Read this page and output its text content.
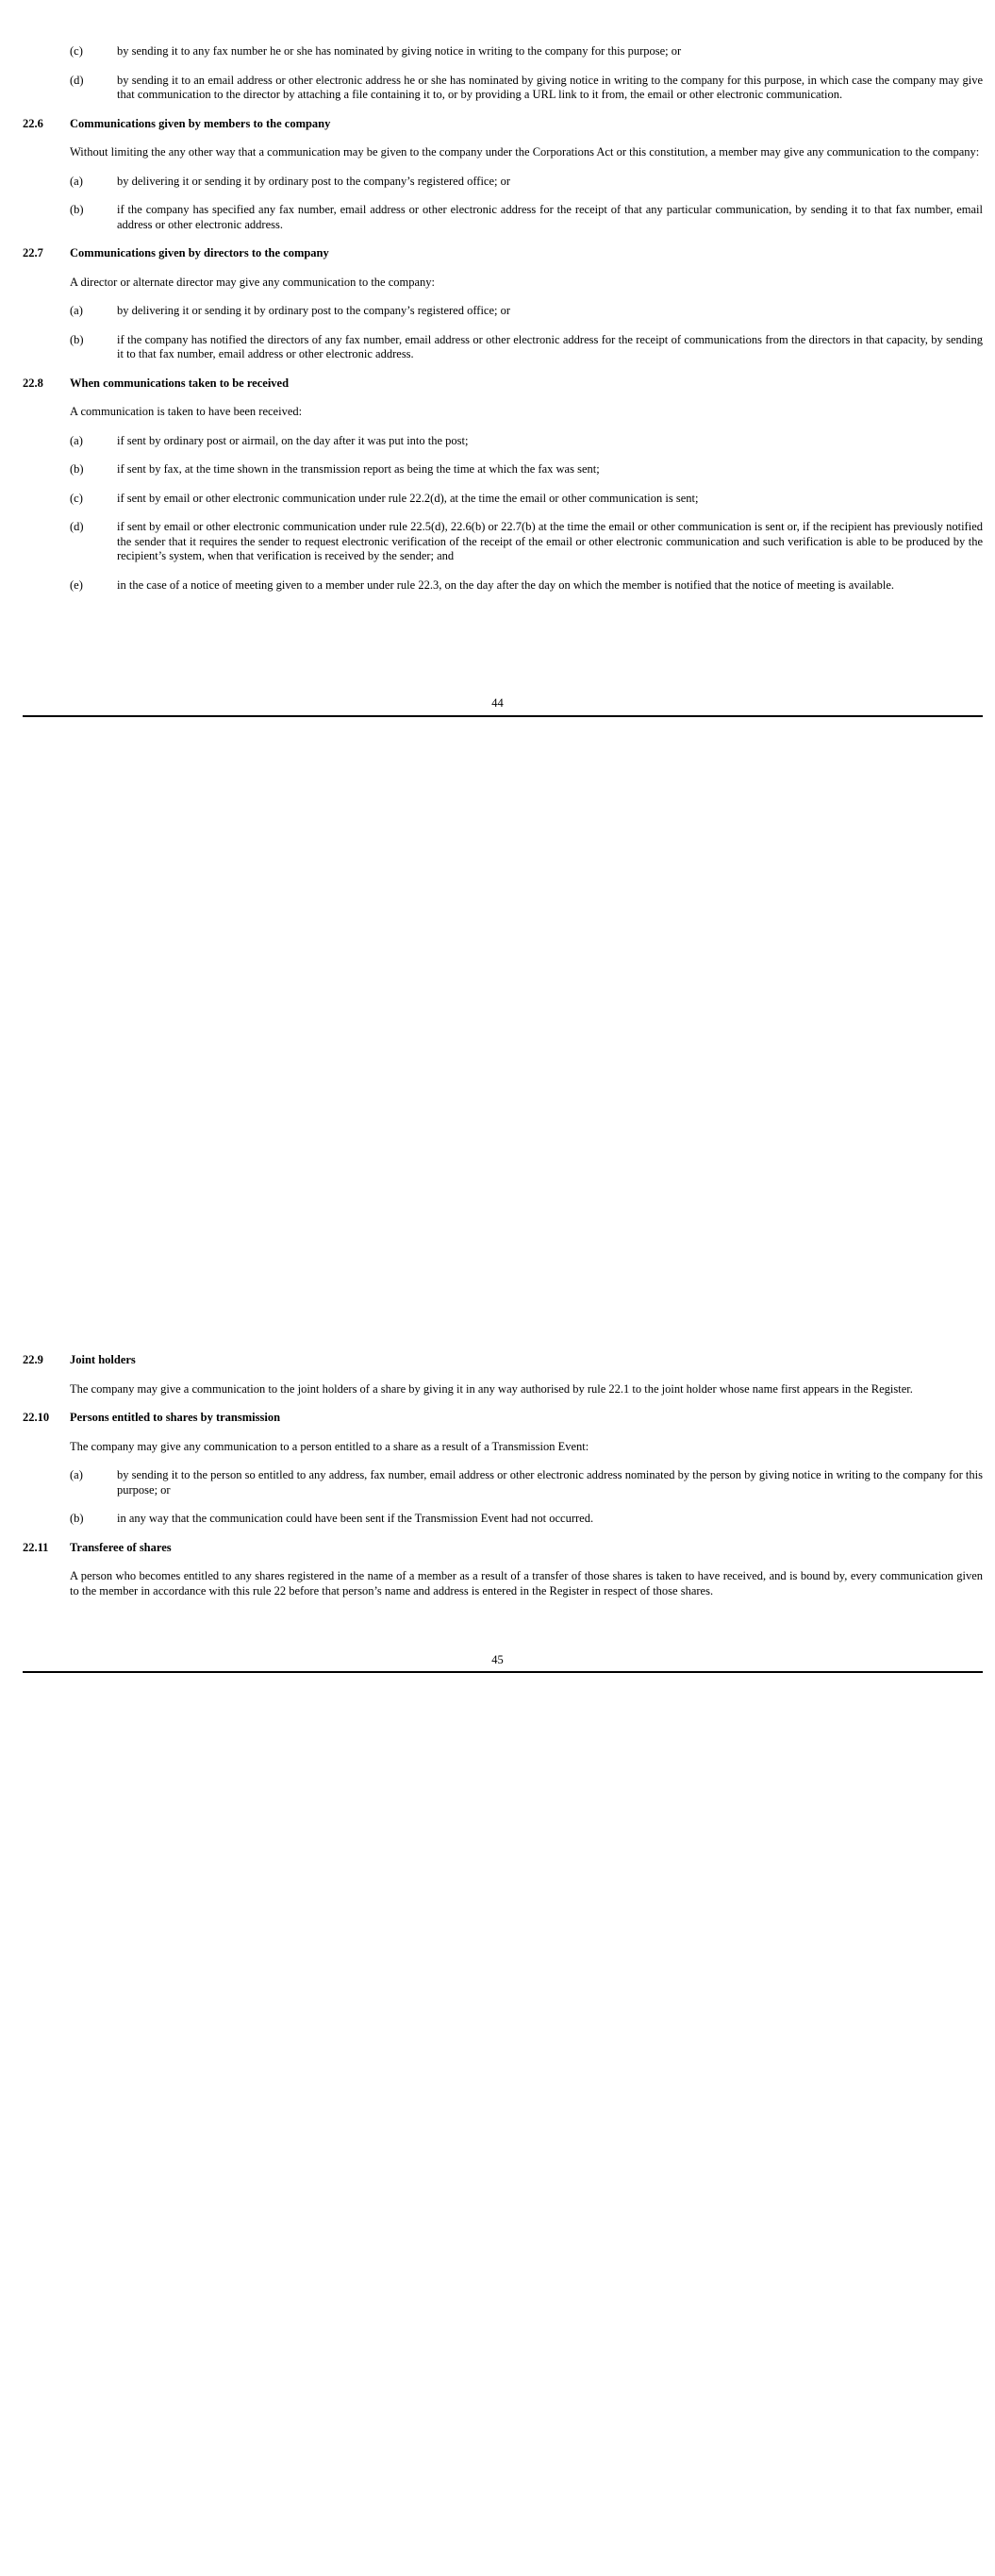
(c)	by sending it to any fax number he or she has nominated by giving notice in writing to the company for this purpose; or
(d)	by sending it to an email address or other electronic address he or she has nominated by giving notice in writing to the company for this purpose, in which case the company may give that communication to the director by attaching a file containing it to, or by providing a URL link to it from, the email or other electronic communication.
22.6	Communications given by members to the company
Without limiting the any other way that a communication may be given to the company under the Corporations Act or this constitution, a member may give any communication to the company:
(a)	by delivering it or sending it by ordinary post to the company’s registered office; or
(b)	if the company has specified any fax number, email address or other electronic address for the receipt of that any particular communication, by sending it to that fax number, email address or other electronic address.
22.7	Communications given by directors to the company
A director or alternate director may give any communication to the company:
(a)	by delivering it or sending it by ordinary post to the company’s registered office; or
(b)	if the company has notified the directors of any fax number, email address or other electronic address for the receipt of communications from the directors in that capacity, by sending it to that fax number, email address or other electronic address.
22.8	When communications taken to be received
A communication is taken to have been received:
(a)	if sent by ordinary post or airmail, on the day after it was put into the post;
(b)	if sent by fax, at the time shown in the transmission report as being the time at which the fax was sent;
(c)	if sent by email or other electronic communication under rule 22.2(d), at the time the email or other communication is sent;
(d)	if sent by email or other electronic communication under rule 22.5(d), 22.6(b) or 22.7(b) at the time the email or other communication is sent or, if the recipient has previously notified the sender that it requires the sender to request electronic verification of the receipt of the email or other electronic communication and such verification is able to be produced by the recipient’s system, when that verification is received by the sender; and
(e)	in the case of a notice of meeting given to a member under rule 22.3, on the day after the day on which the member is notified that the notice of meeting is available.
44
22.9	Joint holders
The company may give a communication to the joint holders of a share by giving it in any way authorised by rule 22.1 to the joint holder whose name first appears in the Register.
22.10	Persons entitled to shares by transmission
The company may give any communication to a person entitled to a share as a result of a Transmission Event:
(a)	by sending it to the person so entitled to any address, fax number, email address or other electronic address nominated by the person by giving notice in writing to the company for this purpose; or
(b)	in any way that the communication could have been sent if the Transmission Event had not occurred.
22.11	Transferee of shares
A person who becomes entitled to any shares registered in the name of a member as a result of a transfer of those shares is taken to have received, and is bound by, every communication given to the member in accordance with this rule 22 before that person’s name and address is entered in the Register in respect of those shares.
45
